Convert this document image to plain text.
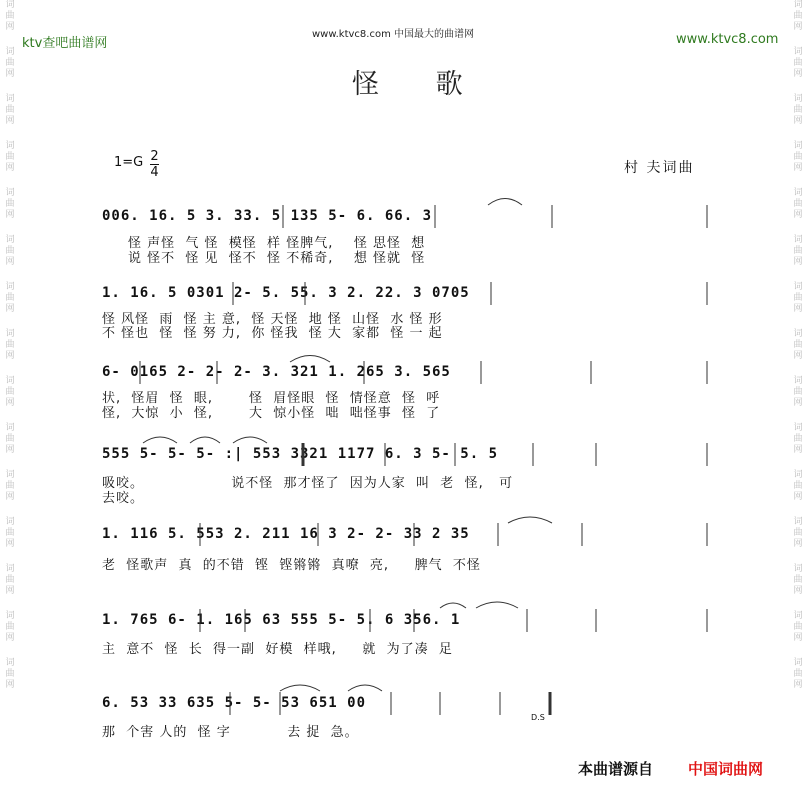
词
曲
网
词
曲
网
词
曲
网
词
曲
网
词
曲
网
词
曲
网
词
曲
网
词
曲
网
词
曲
网
词
曲
网
词
曲
网
词
曲
网
词
曲
网
词
曲
网
词
曲
网
词
曲
网
词
曲
网
词
曲
网
词
曲
网
词
曲
网
词
曲
网
词
曲
网
词
曲
网
词
曲
网
词
曲
网
词
曲
网
词
曲
网
词
曲
网
词
曲
网
词
曲
网
ktv查吧曲谱网
www.ktvc8.com 中国最大的曲谱网	www.ktvc8.com
怪 歌
1=G 2
4	村 夫词曲
006. 16. 5 3. 33. 5 135 5- 6. 66. 3
怪 声怪  气 怪  模怪  样 怪脾气,    怪 思怪  想
说 怪不  怪 见  怪不  怪 不稀奇,    想 怪就  怪
1. 16. 5 0301 2- 5. 55. 3 2. 22. 3 0705
怪 风怪  雨  怪 主 意,  怪 天怪  地 怪  山怪  水 怪 形
不 怪也  怪  怪 努 力,  你 怪我  怪 大  家都  怪 一 起
6- 0165 2- 2- 2- 3. 321 1. 265 3. 565
状,  怪眉  怪  眼,       怪  眉怪眼  怪  情怪意  怪  呼
怪,  大惊  小  怪,       大  惊小怪  咄  咄怪事  怪  了
555 5- 5- 5- :| 553 3321 1177 6. 3 5- 5. 5
吸咬。                 说不怪  那才怪了  因为人家  叫  老  怪,   可
去咬。
1. 116 5. 553 2. 211 16 3 2- 2- 33 2 35
老  怪歌声  真  的不错  铿  铿锵锵  真嘹  亮,     脾气  不怪
1. 765 6- 1. 165 63 555 5- 5. 6 356. 1
主  意不  怪  长  得一副  好模  样哦,     就  为了凑  足
6. 53 33 635 5- 5- 53 651 00
那  个害 人的  怪 字           去 捉  急。
D.S
本曲谱源自 中国词曲网
